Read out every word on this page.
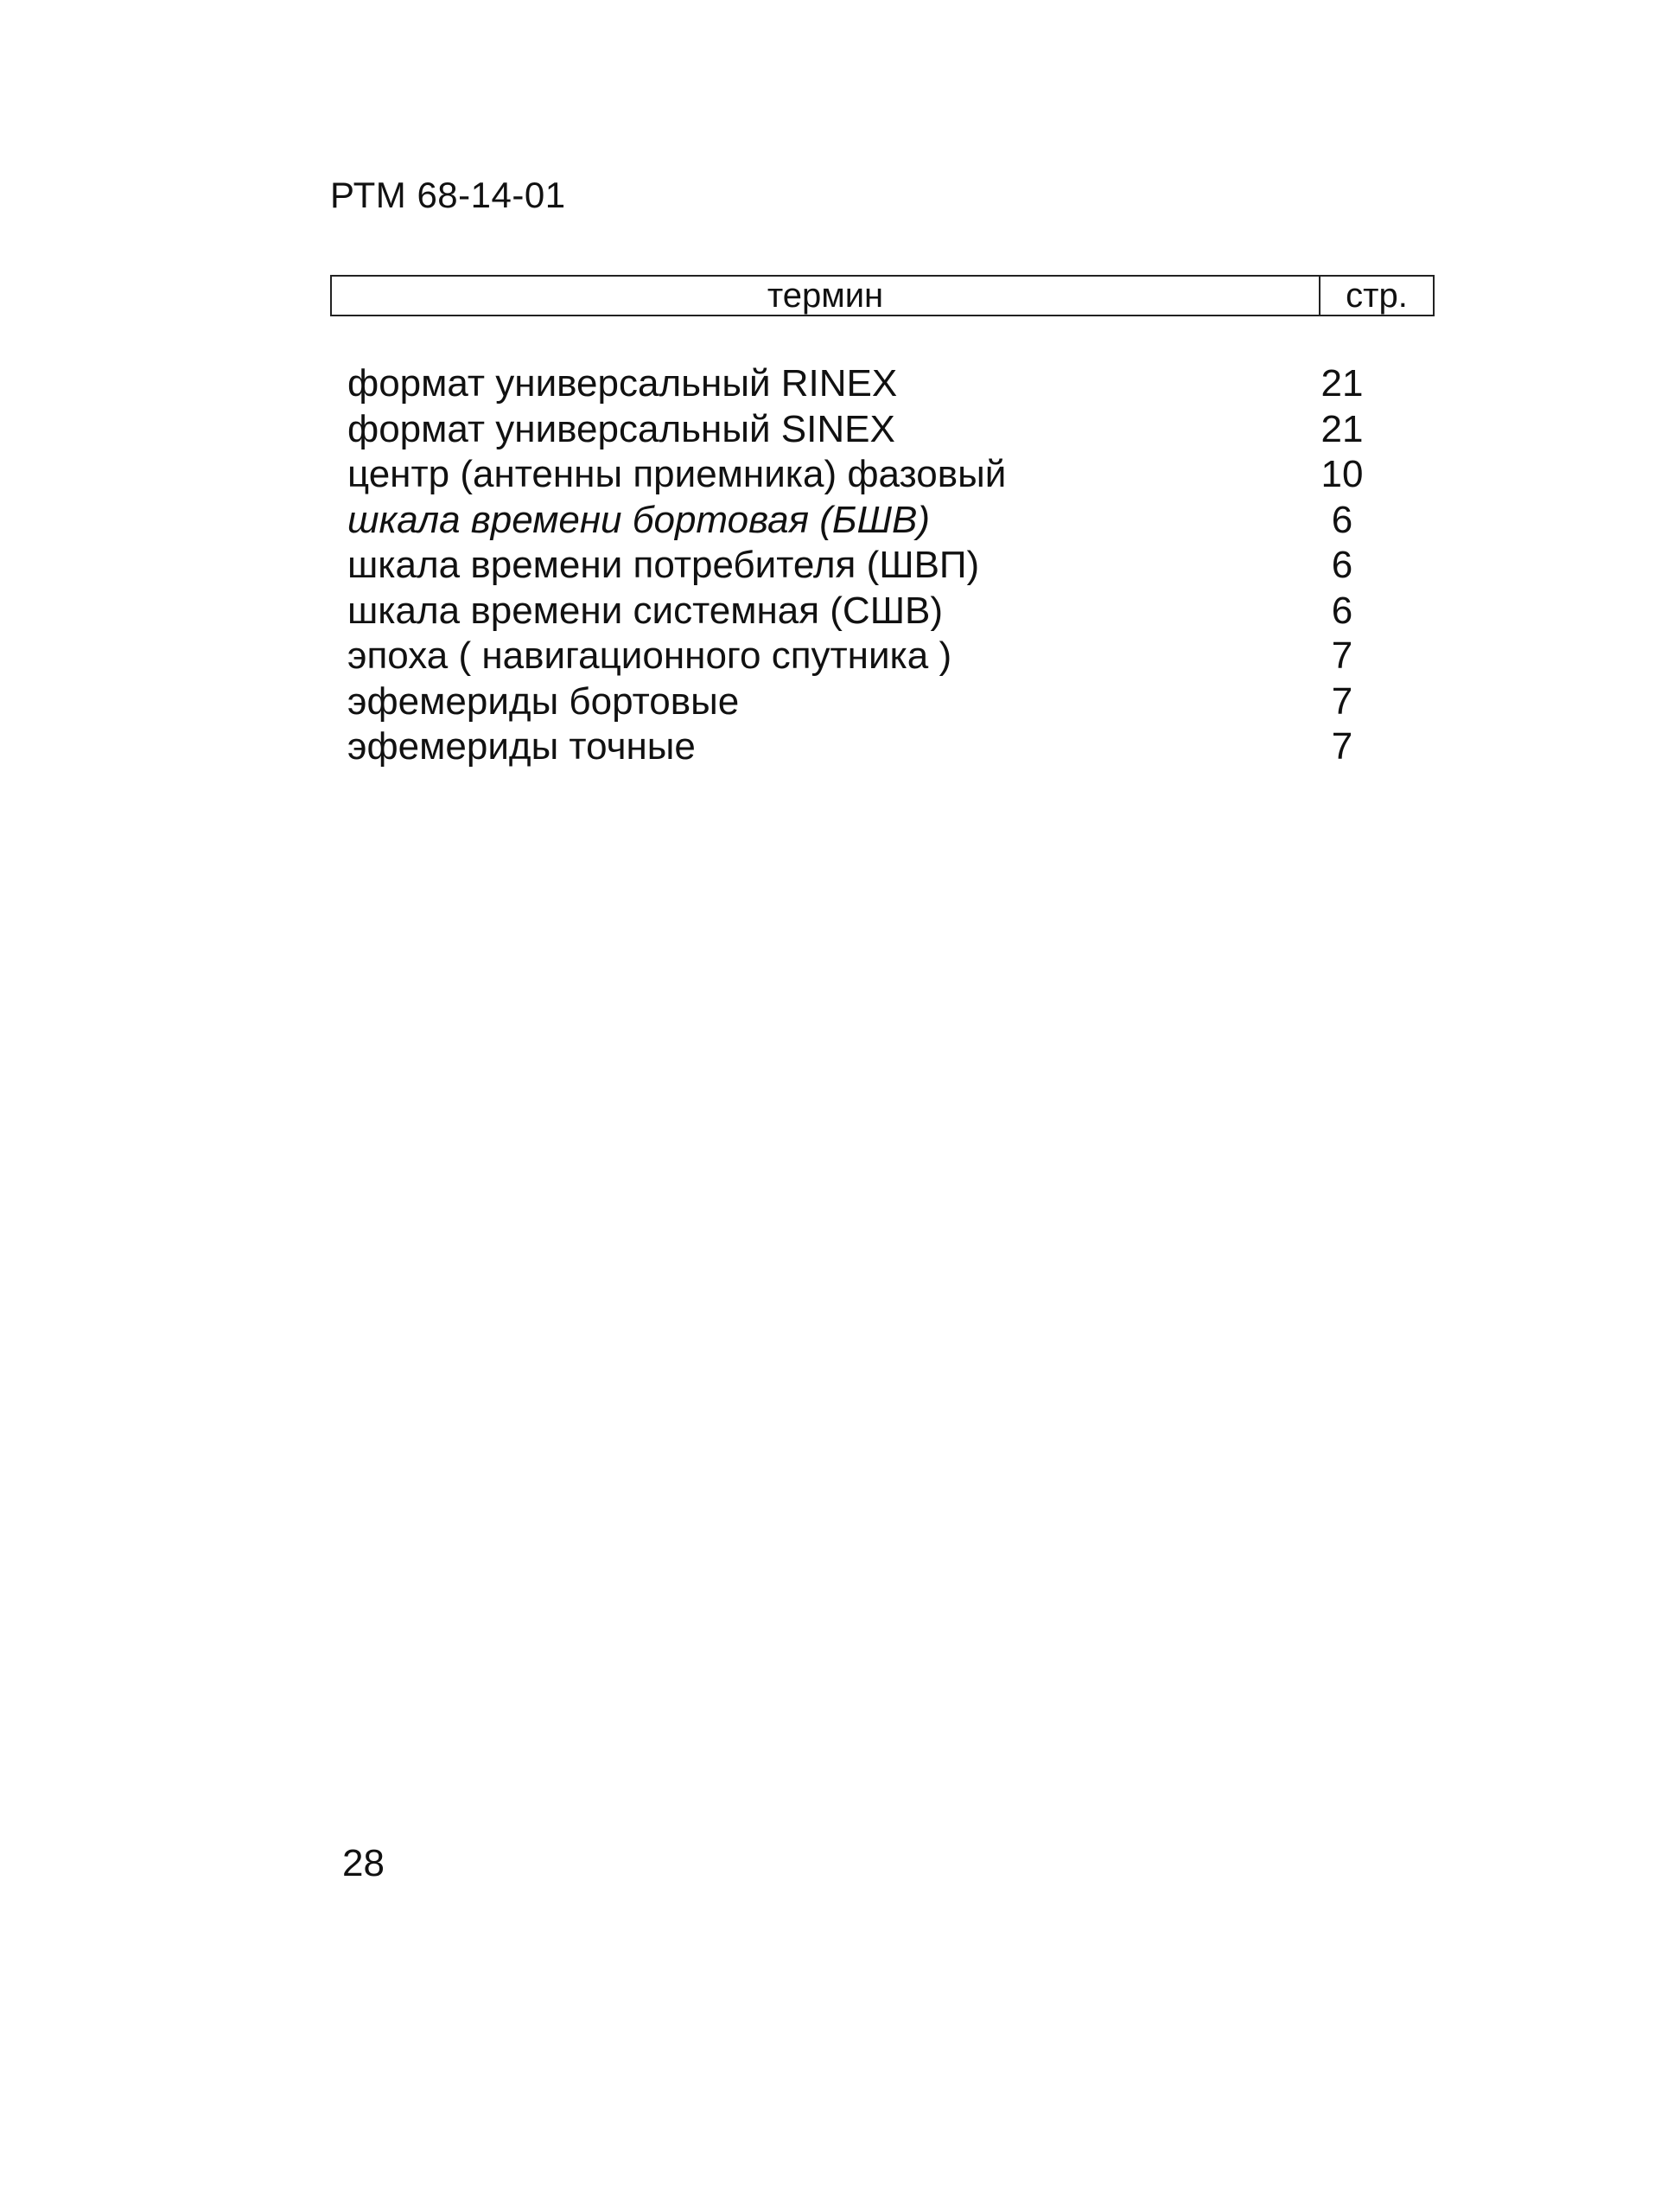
РТМ 68-14-01
термин	стр.
формат универсальный RINEX	21
формат универсальный SINEX	21
центр (антенны приемника) фазовый	10
шкала времени бортовая (БШВ)	6
шкала времени потребителя (ШВП)	6
шкала времени системная (СШВ)	6
эпоха ( навигационного спутника )	7
эфемериды бортовые	7
эфемериды точные	7
28
